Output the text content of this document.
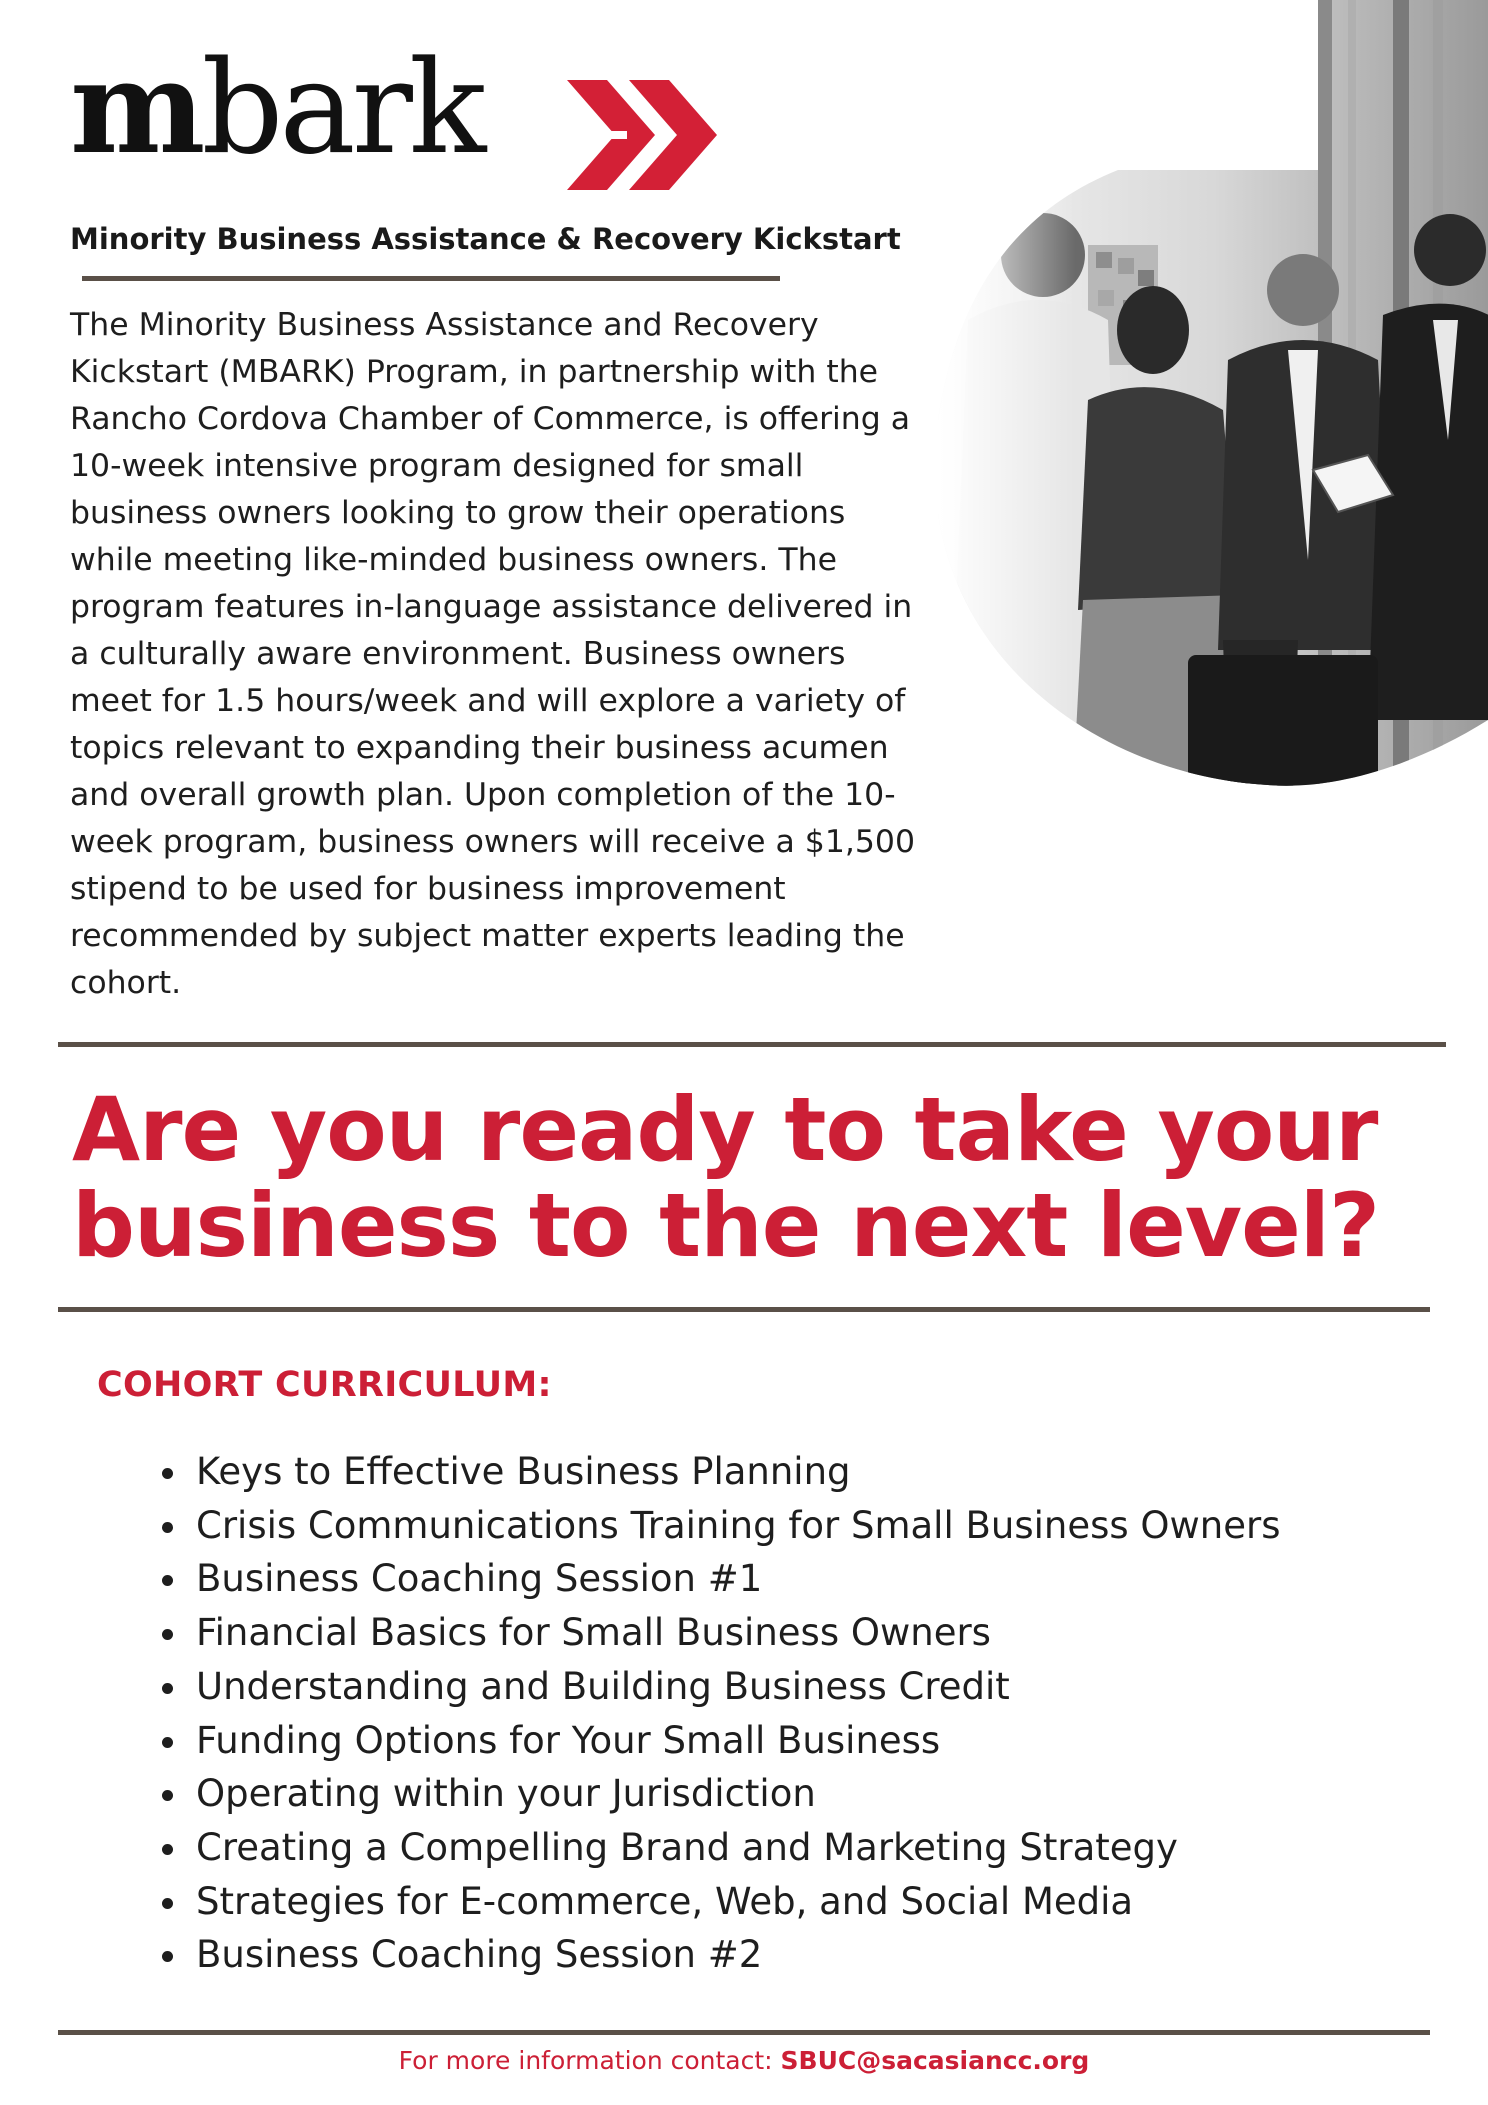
mbark
Minority Business Assistance & Recovery Kickstart
The Minority Business Assistance and Recovery Kickstart (MBARK) Program, in partnership with the Rancho Cordova Chamber of Commerce, is offering a 10-week intensive program designed for small business owners looking to grow their operations while meeting like-minded business owners. The program features in-language assistance delivered in a culturally aware environment. Business owners meet for 1.5 hours/week and will explore a variety of topics relevant to expanding their business acumen and overall growth plan. Upon completion of the 10-week program, business owners will receive a $1,500 stipend to be used for business improvement recommended by subject matter experts leading the cohort.
Are you ready to take your business to the next level?
COHORT CURRICULUM:
Keys to Effective Business Planning
Crisis Communications Training for Small Business Owners
Business Coaching Session #1
Financial Basics for Small Business Owners
Understanding and Building Business Credit
Funding Options for Your Small Business
Operating within your Jurisdiction
Creating a Compelling Brand and Marketing Strategy
Strategies for E-commerce, Web, and Social Media
Business Coaching Session #2
For more information contact: SBUC@sacasiancc.org
